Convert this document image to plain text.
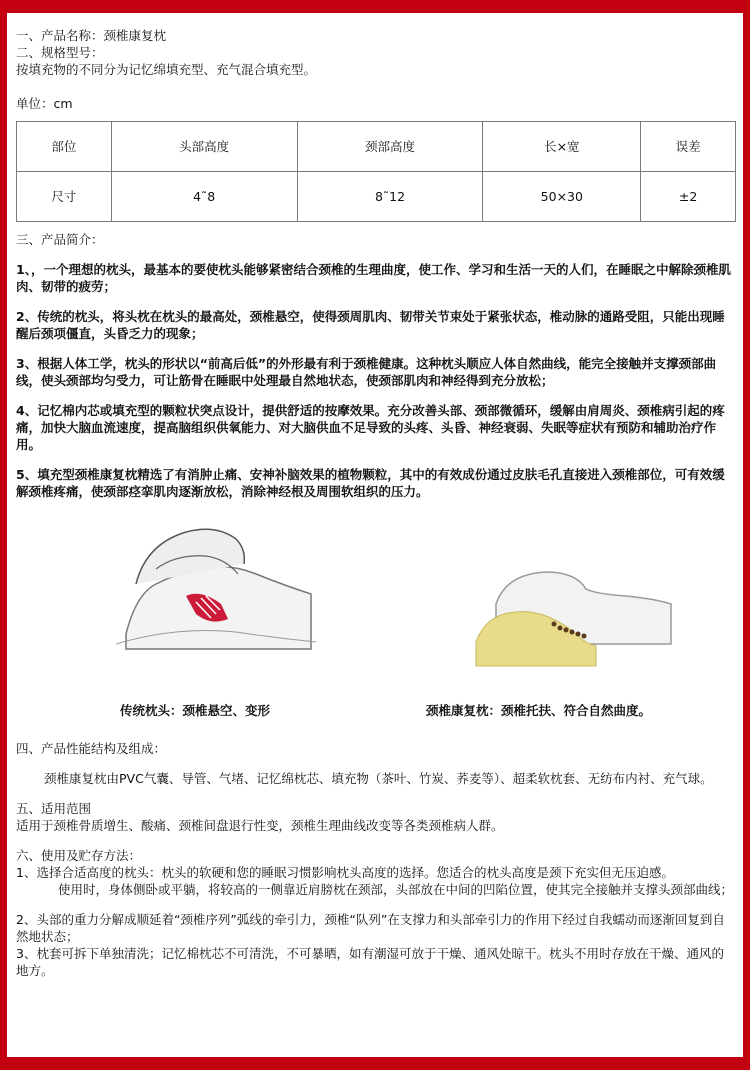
一、产品名称：颈椎康复枕

二、规格型号：

按填充物的不同分为记忆绵填充型、充气混合填充型。

单位：cm

部位	头部高度	颈部高度	长×宽	误差
尺寸	4˜8	8˜12	50×30	±2

三、产品简介：

1、，一个理想的枕头，最基本的要使枕头能够紧密结合颈椎的生理曲度，使工作、学习和生活一天的人们，在睡眠之中解除颈椎肌肉、韧带的疲劳；

2、传统的枕头，将头枕在枕头的最高处，颈椎悬空，使得颈周肌肉、韧带关节束处于紧张状态，椎动脉的通路受阻，只能出现睡醒后颈项僵直，头昏乏力的现象；

3、根据人体工学，枕头的形状以“前高后低”的外形最有利于颈椎健康。这种枕头顺应人体自然曲线，能完全接触并支撑颈部曲线，使头颈部均匀受力，可让筋骨在睡眠中处理最自然地状态，使颈部肌肉和神经得到充分放松；

4、记忆棉内芯或填充型的颗粒状突点设计，提供舒适的按摩效果。充分改善头部、颈部微循环，缓解由肩周炎、颈椎病引起的疼痛，加快大脑血流速度，提高脑组织供氧能力、对大脑供血不足导致的头疼、头昏、神经衰弱、失眠等症状有预防和辅助治疗作用。

5、填充型颈椎康复枕精选了有消肿止痛、安神补脑效果的植物颗粒，其中的有效成份通过皮肤毛孔直接进入颈椎部位，可有效缓解颈椎疼痛，使颈部痉挛肌肉逐渐放松，消除神经根及周围软组织的压力。

传统枕头：颈椎悬空、变形	颈椎康复枕：颈椎托扶、符合自然曲度。

四、产品性能结构及组成：

颈椎康复枕由PVC气囊、导管、气堵、记忆绵枕芯、填充物（茶叶、竹炭、荞麦等）、超柔软枕套、无纺布内衬、充气球。

五、适用范围

适用于颈椎骨质增生、酸痛、颈椎间盘退行性变，颈椎生理曲线改变等各类颈椎病人群。

六、使用及贮存方法：

1、选择合适高度的枕头：枕头的软硬和您的睡眠习惯影响枕头高度的选择。您适合的枕头高度是颈下充实但无压迫感。

使用时，身体侧卧或平躺，将较高的一侧靠近肩膀枕在颈部，头部放在中间的凹陷位置，使其完全接触并支撑头颈部曲线；

2、头部的重力分解成顺延着“颈椎序列”弧线的牵引力，颈椎“队列”在支撑力和头部牵引力的作用下经过自我蠕动而逐渐回复到自然地状态；

3、枕套可拆下单独清洗；记忆棉枕芯不可清洗，不可暴晒，如有潮湿可放于干燥、通风处晾干。枕头不用时存放在干燥、通风的地方。
